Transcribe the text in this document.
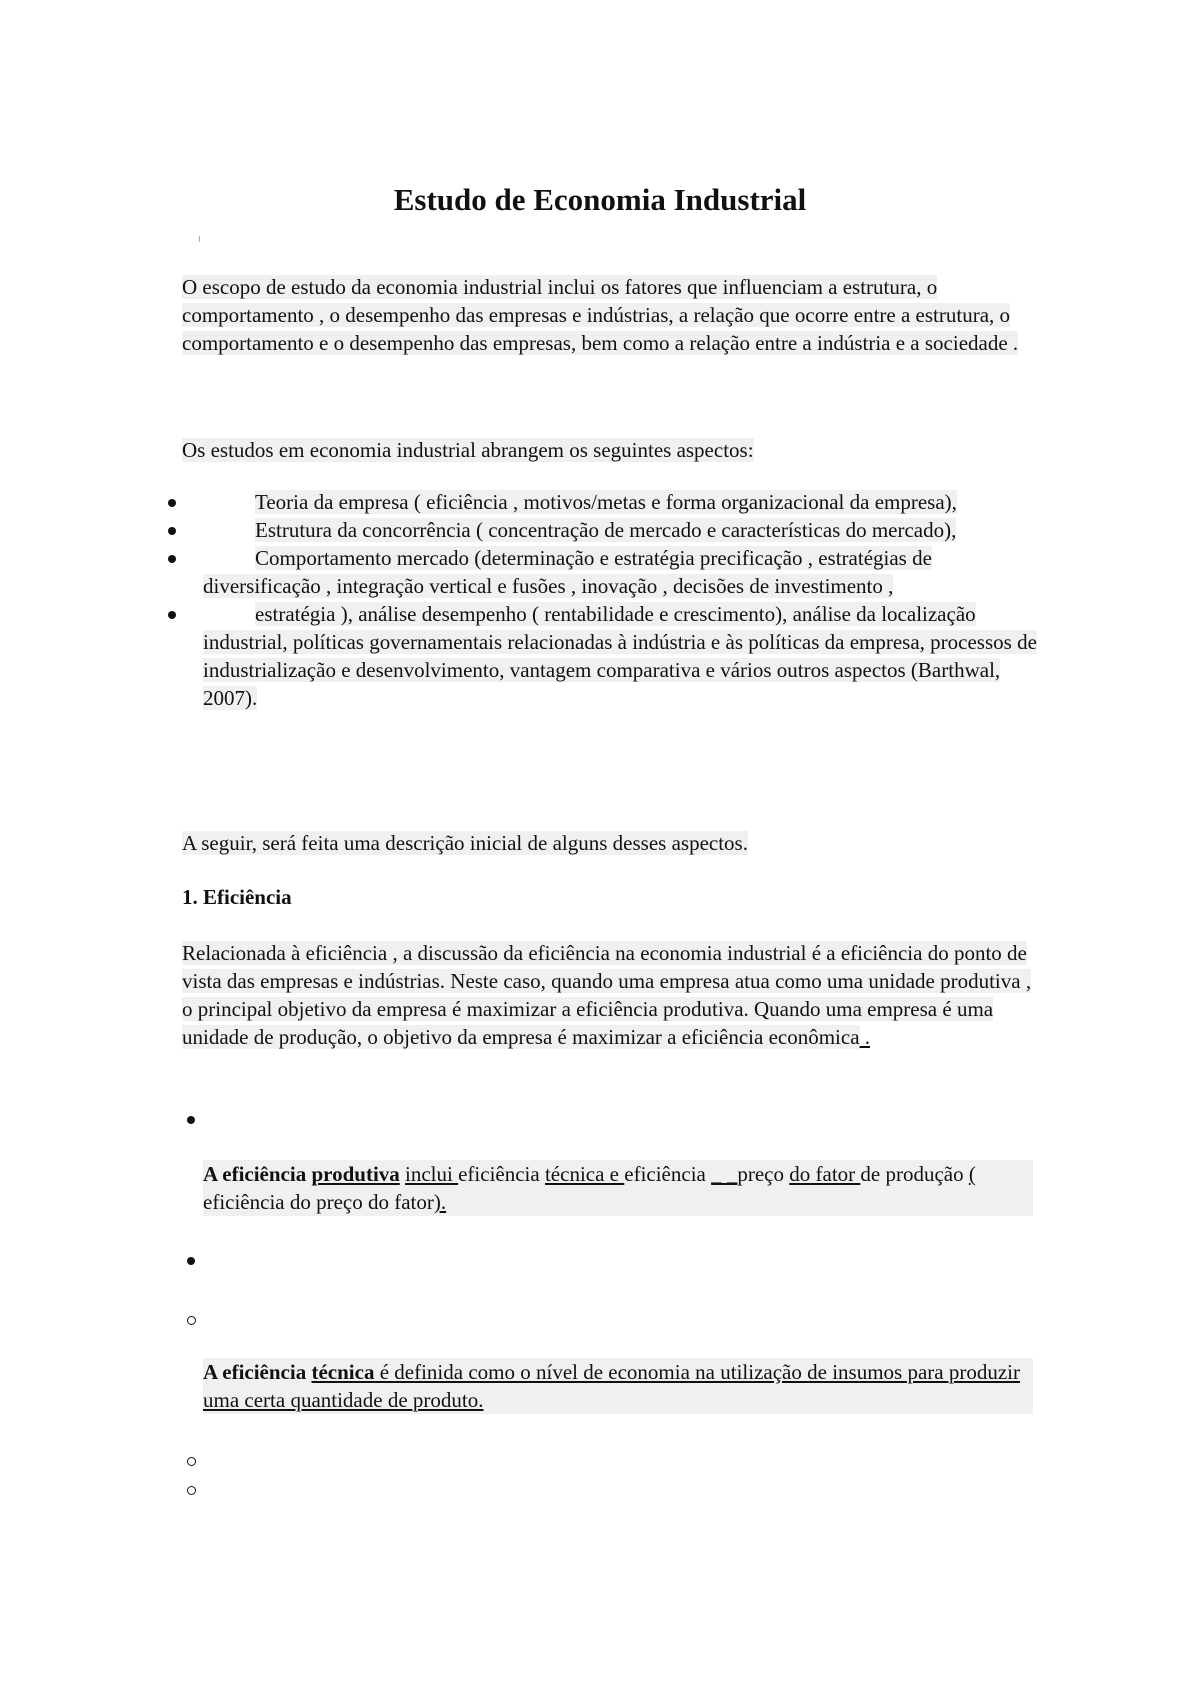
Estudo de Economia Industrial

O escopo de estudo da economia industrial inclui os fatores que influenciam a estrutura, o comportamento , o desempenho das empresas e indústrias, a relação que ocorre entre a estrutura, o comportamento e o desempenho das empresas, bem como a relação entre a indústria e a sociedade .

Os estudos em economia industrial abrangem os seguintes aspectos:

Teoria da empresa ( eficiência , motivos/metas e forma organizacional da empresa),
Estrutura da concorrência ( concentração de mercado e características do mercado),
Comportamento mercado (determinação e estratégia precificação , estratégias de diversificação , integração vertical e fusões , inovação , decisões de investimento ,
estratégia ), análise desempenho ( rentabilidade e crescimento), análise da localização industrial, políticas governamentais relacionadas à indústria e às políticas da empresa, processos de industrialização e desenvolvimento, vantagem comparativa e vários outros aspectos (Barthwal, 2007).

A seguir, será feita uma descrição inicial de alguns desses aspectos.

1. Eficiência

Relacionada à eficiência , a discussão da eficiência na economia industrial é a eficiência do ponto de vista das empresas e indústrias. Neste caso, quando uma empresa atua como uma unidade produtiva , o principal objetivo da empresa é maximizar a eficiência produtiva. Quando uma empresa é uma unidade de produção, o objetivo da empresa é maximizar a eficiência econômica .

A eficiência produtiva inclui eficiência técnica e eficiência _ _preço do fator de produção ( eficiência do preço do fator).
A eficiência técnica é definida como o nível de economia na utilização de insumos para produzir uma certa quantidade de produto.
